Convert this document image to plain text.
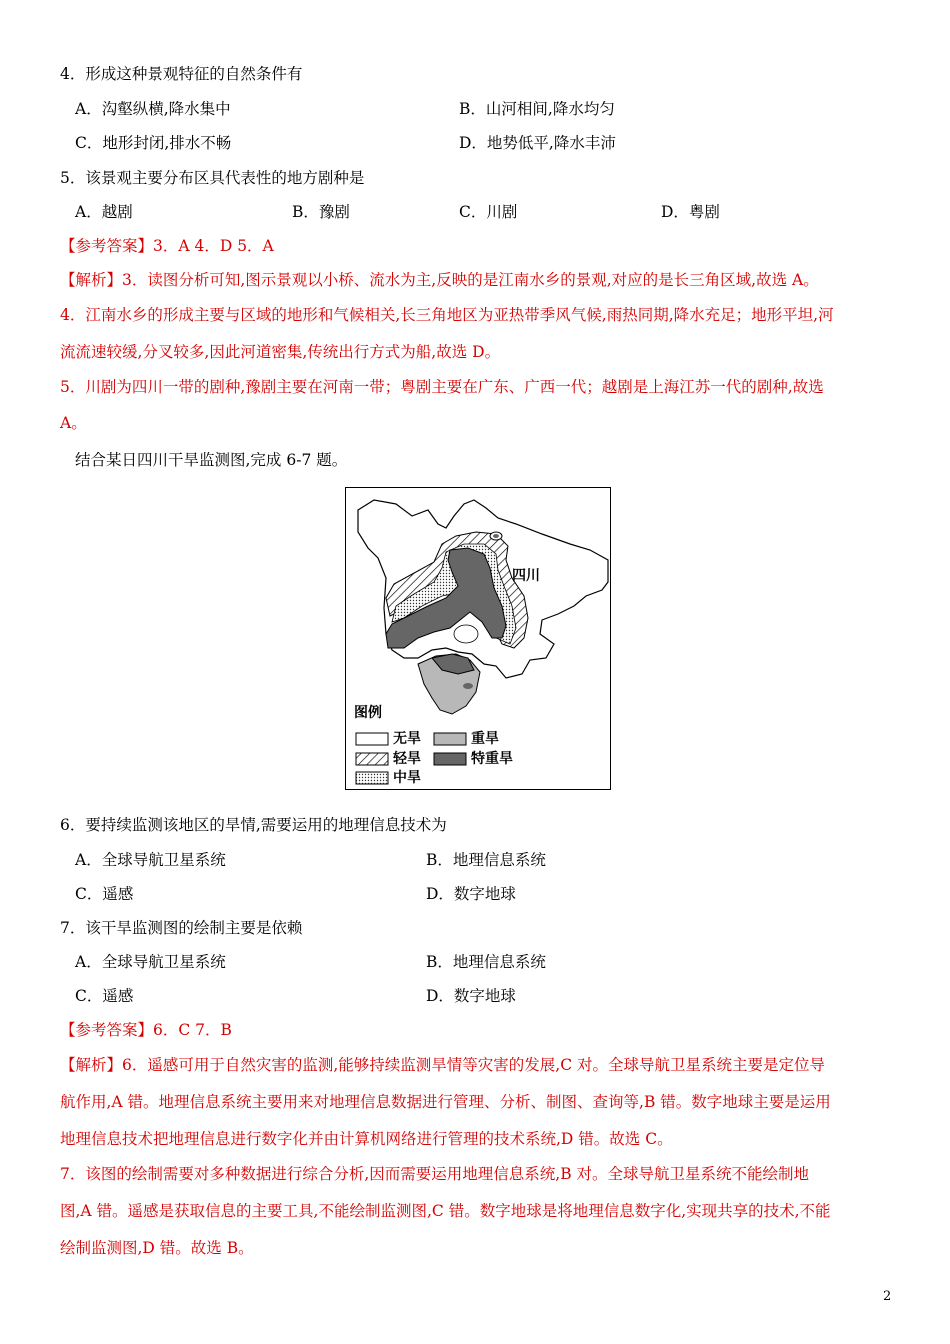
4．形成这种景观特征的自然条件有
A．沟壑纵横,降水集中	B．山河相间,降水均匀
C．地形封闭,排水不畅	D．地势低平,降水丰沛
5．该景观主要分布区具代表性的地方剧种是
A．越剧	B．豫剧	C．川剧	D．粤剧
【参考答案】3．A 4．D 5．A
【解析】3．读图分析可知,图示景观以小桥、流水为主,反映的是江南水乡的景观,对应的是长三角区域,故选 A。
4．江南水乡的形成主要与区域的地形和气候相关,长三角地区为亚热带季风气候,雨热同期,降水充足；地形平坦,河
流流速较缓,分叉较多,因此河道密集,传统出行方式为船,故选 D。
5．川剧为四川一带的剧种,豫剧主要在河南一带；粤剧主要在广东、广西一代；越剧是上海江苏一代的剧种,故选
A。
结合某日四川干旱监测图,完成 6-7 题。
四川
图例
无旱
轻旱
中旱
重旱
特重旱
6．要持续监测该地区的旱情,需要运用的地理信息技术为
A．全球导航卫星系统	B．地理信息系统
C．遥感	D．数字地球
7．该干旱监测图的绘制主要是依赖
A．全球导航卫星系统	B．地理信息系统
C．遥感	D．数字地球
【参考答案】6．C 7．B
【解析】6．遥感可用于自然灾害的监测,能够持续监测旱情等灾害的发展,C 对。全球导航卫星系统主要是定位导
航作用,A 错。地理信息系统主要用来对地理信息数据进行管理、分析、制图、查询等,B 错。数字地球主要是运用
地理信息技术把地理信息进行数字化并由计算机网络进行管理的技术系统,D 错。故选 C。
7．该图的绘制需要对多种数据进行综合分析,因而需要运用地理信息系统,B 对。全球导航卫星系统不能绘制地
图,A 错。遥感是获取信息的主要工具,不能绘制监测图,C 错。数字地球是将地理信息数字化,实现共享的技术,不能
绘制监测图,D 错。故选 B。
2
